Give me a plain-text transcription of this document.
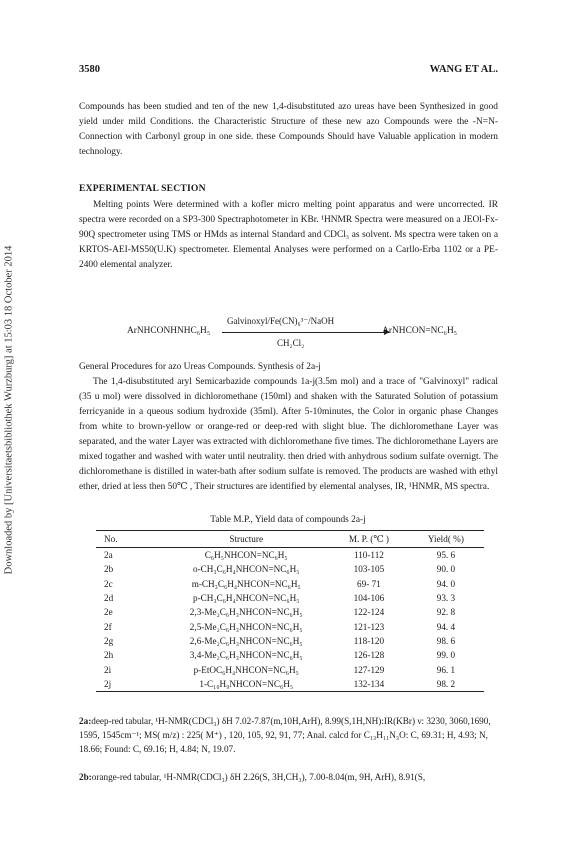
Downloaded by [Universitaetsbibliothek Wurzburg] at 15:03 18 October 2014
3580	WANG ET AL.
Compounds has been studied and ten of the new 1,4-disubstituted azo ureas have been Synthesized in good yield under mild Conditions. the Characteristic Structure of these new azo Compounds were the -N=N- Connection with Carbonyl group in one side. these Compounds Should have Valuable application in modern technology.
EXPERIMENTAL SECTION
Melting points Were determined with a kofler micro melting point apparatus and were uncorrected. IR spectra were recorded on a SP3-300 Spectraphotometer in KBr. ¹HNMR Spectra were measured on a JEOl-Fx-90Q spectrometer using TMS or HMds as internal Standard and CDCl₃ as solvent. Ms spectra were taken on a KRTOS-AEI-MS50(U.K) spectrometer. Elemental Analyses were performed on a Carllo-Erba 1102 or a PE-2400 elemental analyzer.
ArNHCONHNHC₆H₅
Galvinoxyl/Fe(CN)₆³⁻/NaOH
CH₂Cl₂
ArNHCON=NC₆H₅
General Procedures for azo Ureas Compounds. Synthesis of 2a-j
The 1,4-disubstituted aryl Semicarbazide compounds 1a-j(3.5m mol) and a trace of "Galvinoxyl" radical (35 u mol) were dissolved in dichloromethane (150ml) and shaken with the Saturated Solution of potassium ferricyanide in a queous sodium hydroxide (35ml). After 5-10minutes, the Color in organic phase Changes from white to brown-yellow or orange-red or deep-red with slight blue. The dichloromethane Layer was separated, and the water Layer was extracted with dichloromethane five times. The dichloromethane Layers are mixed togather and washed with water until neutrality. then dried with anhydrous sodium sulfate overnigt. The dichloromethane is distilled in water-bath after sodium sulfate is removed. The products are washed with ethyl ether, dried at less then 50℃ , Their structures are identified by elemental analyses, IR, ¹HNMR, MS spectra.
Table M.P., Yield data of compounds 2a-j
No.	Structure	M. P. (℃ )	Yield( %)
2a	C₆H₅NHCON=NC₆H₅	110-112	95. 6
2b	o-CH₃C₆H₄NHCON=NC₆H₅	103-105	90. 0
2c	m-CH₃C₆H₄NHCON=NC₆H₅	69- 71	94. 0
2d	p-CH₃C₆H₄NHCON=NC₆H₅	104-106	93. 3
2e	2,3-Me₂C₆H₃NHCON=NC₆H₅	122-124	92. 8
2f	2,5-Me₂C₆H₃NHCON=NC₆H₅	121-123	94. 4
2g	2,6-Me₂C₆H₃NHCON=NC₆H₅	118-120	98. 6
2h	3,4-Me₂C₆H₃NHCON=NC₆H₅	126-128	99. 0
2i	p-EtOC₆H₄NHCON=NC₆H₅	127-129	96. 1
2j	1-C₁₀H₉NHCON=NC₆H₅	132-134	98. 2
2a:deep-red tabular, ¹H-NMR(CDCl₃) δH 7.02-7.87(m,10H,ArH), 8.99(S,1H,NH):IR(KBr) ν: 3230, 3060,1690, 1595, 1545cm⁻¹; MS( m/z) : 225( M⁺) , 120, 105, 92, 91, 77; Anal. calcd for C₁₃H₁₁N₃O: C, 69.31; H, 4.93; N, 18.66; Found: C, 69.16; H, 4.84; N, 19.07.
2b:orange-red tabular, ¹H-NMR(CDCl₃) δH 2.26(S, 3H,CH₃), 7.00-8.04(m, 9H, ArH), 8.91(S,
